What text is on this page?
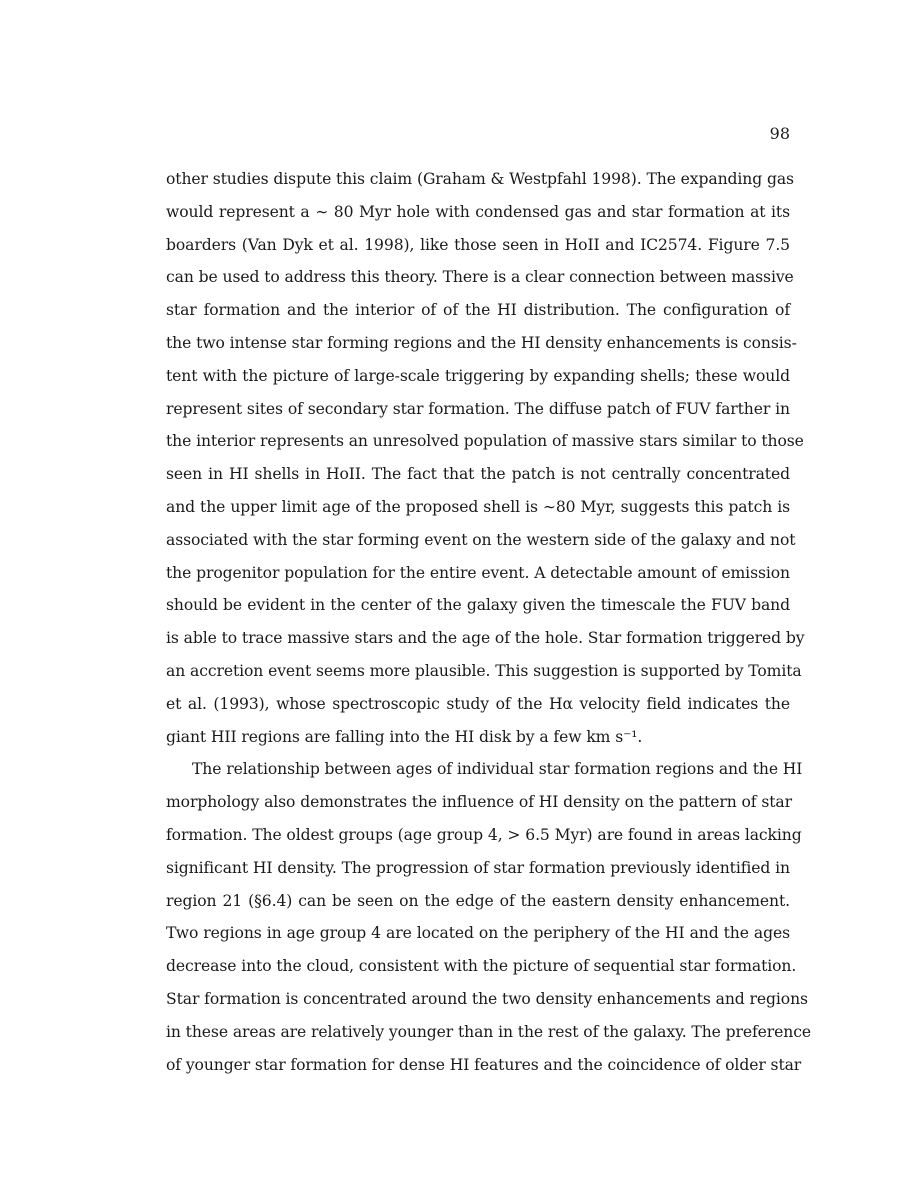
98
other studies dispute this claim (Graham & Westpfahl 1998). The expanding gas
would represent a ∼ 80 Myr hole with condensed gas and star formation at its
boarders (Van Dyk et al. 1998), like those seen in HoII and IC2574. Figure 7.5
can be used to address this theory. There is a clear connection between massive
star formation and the interior of of the HI distribution. The configuration of
the two intense star forming regions and the HI density enhancements is consis-
tent with the picture of large-scale triggering by expanding shells; these would
represent sites of secondary star formation. The diffuse patch of FUV farther in
the interior represents an unresolved population of massive stars similar to those
seen in HI shells in HoII. The fact that the patch is not centrally concentrated
and the upper limit age of the proposed shell is ∼80 Myr, suggests this patch is
associated with the star forming event on the western side of the galaxy and not
the progenitor population for the entire event. A detectable amount of emission
should be evident in the center of the galaxy given the timescale the FUV band
is able to trace massive stars and the age of the hole. Star formation triggered by
an accretion event seems more plausible. This suggestion is supported by Tomita
et al. (1993), whose spectroscopic study of the Hα velocity field indicates the
giant HII regions are falling into the HI disk by a few km s⁻¹.
The relationship between ages of individual star formation regions and the HI
morphology also demonstrates the influence of HI density on the pattern of star
formation. The oldest groups (age group 4, > 6.5 Myr) are found in areas lacking
significant HI density. The progression of star formation previously identified in
region 21 (§6.4) can be seen on the edge of the eastern density enhancement.
Two regions in age group 4 are located on the periphery of the HI and the ages
decrease into the cloud, consistent with the picture of sequential star formation.
Star formation is concentrated around the two density enhancements and regions
in these areas are relatively younger than in the rest of the galaxy. The preference
of younger star formation for dense HI features and the coincidence of older star
